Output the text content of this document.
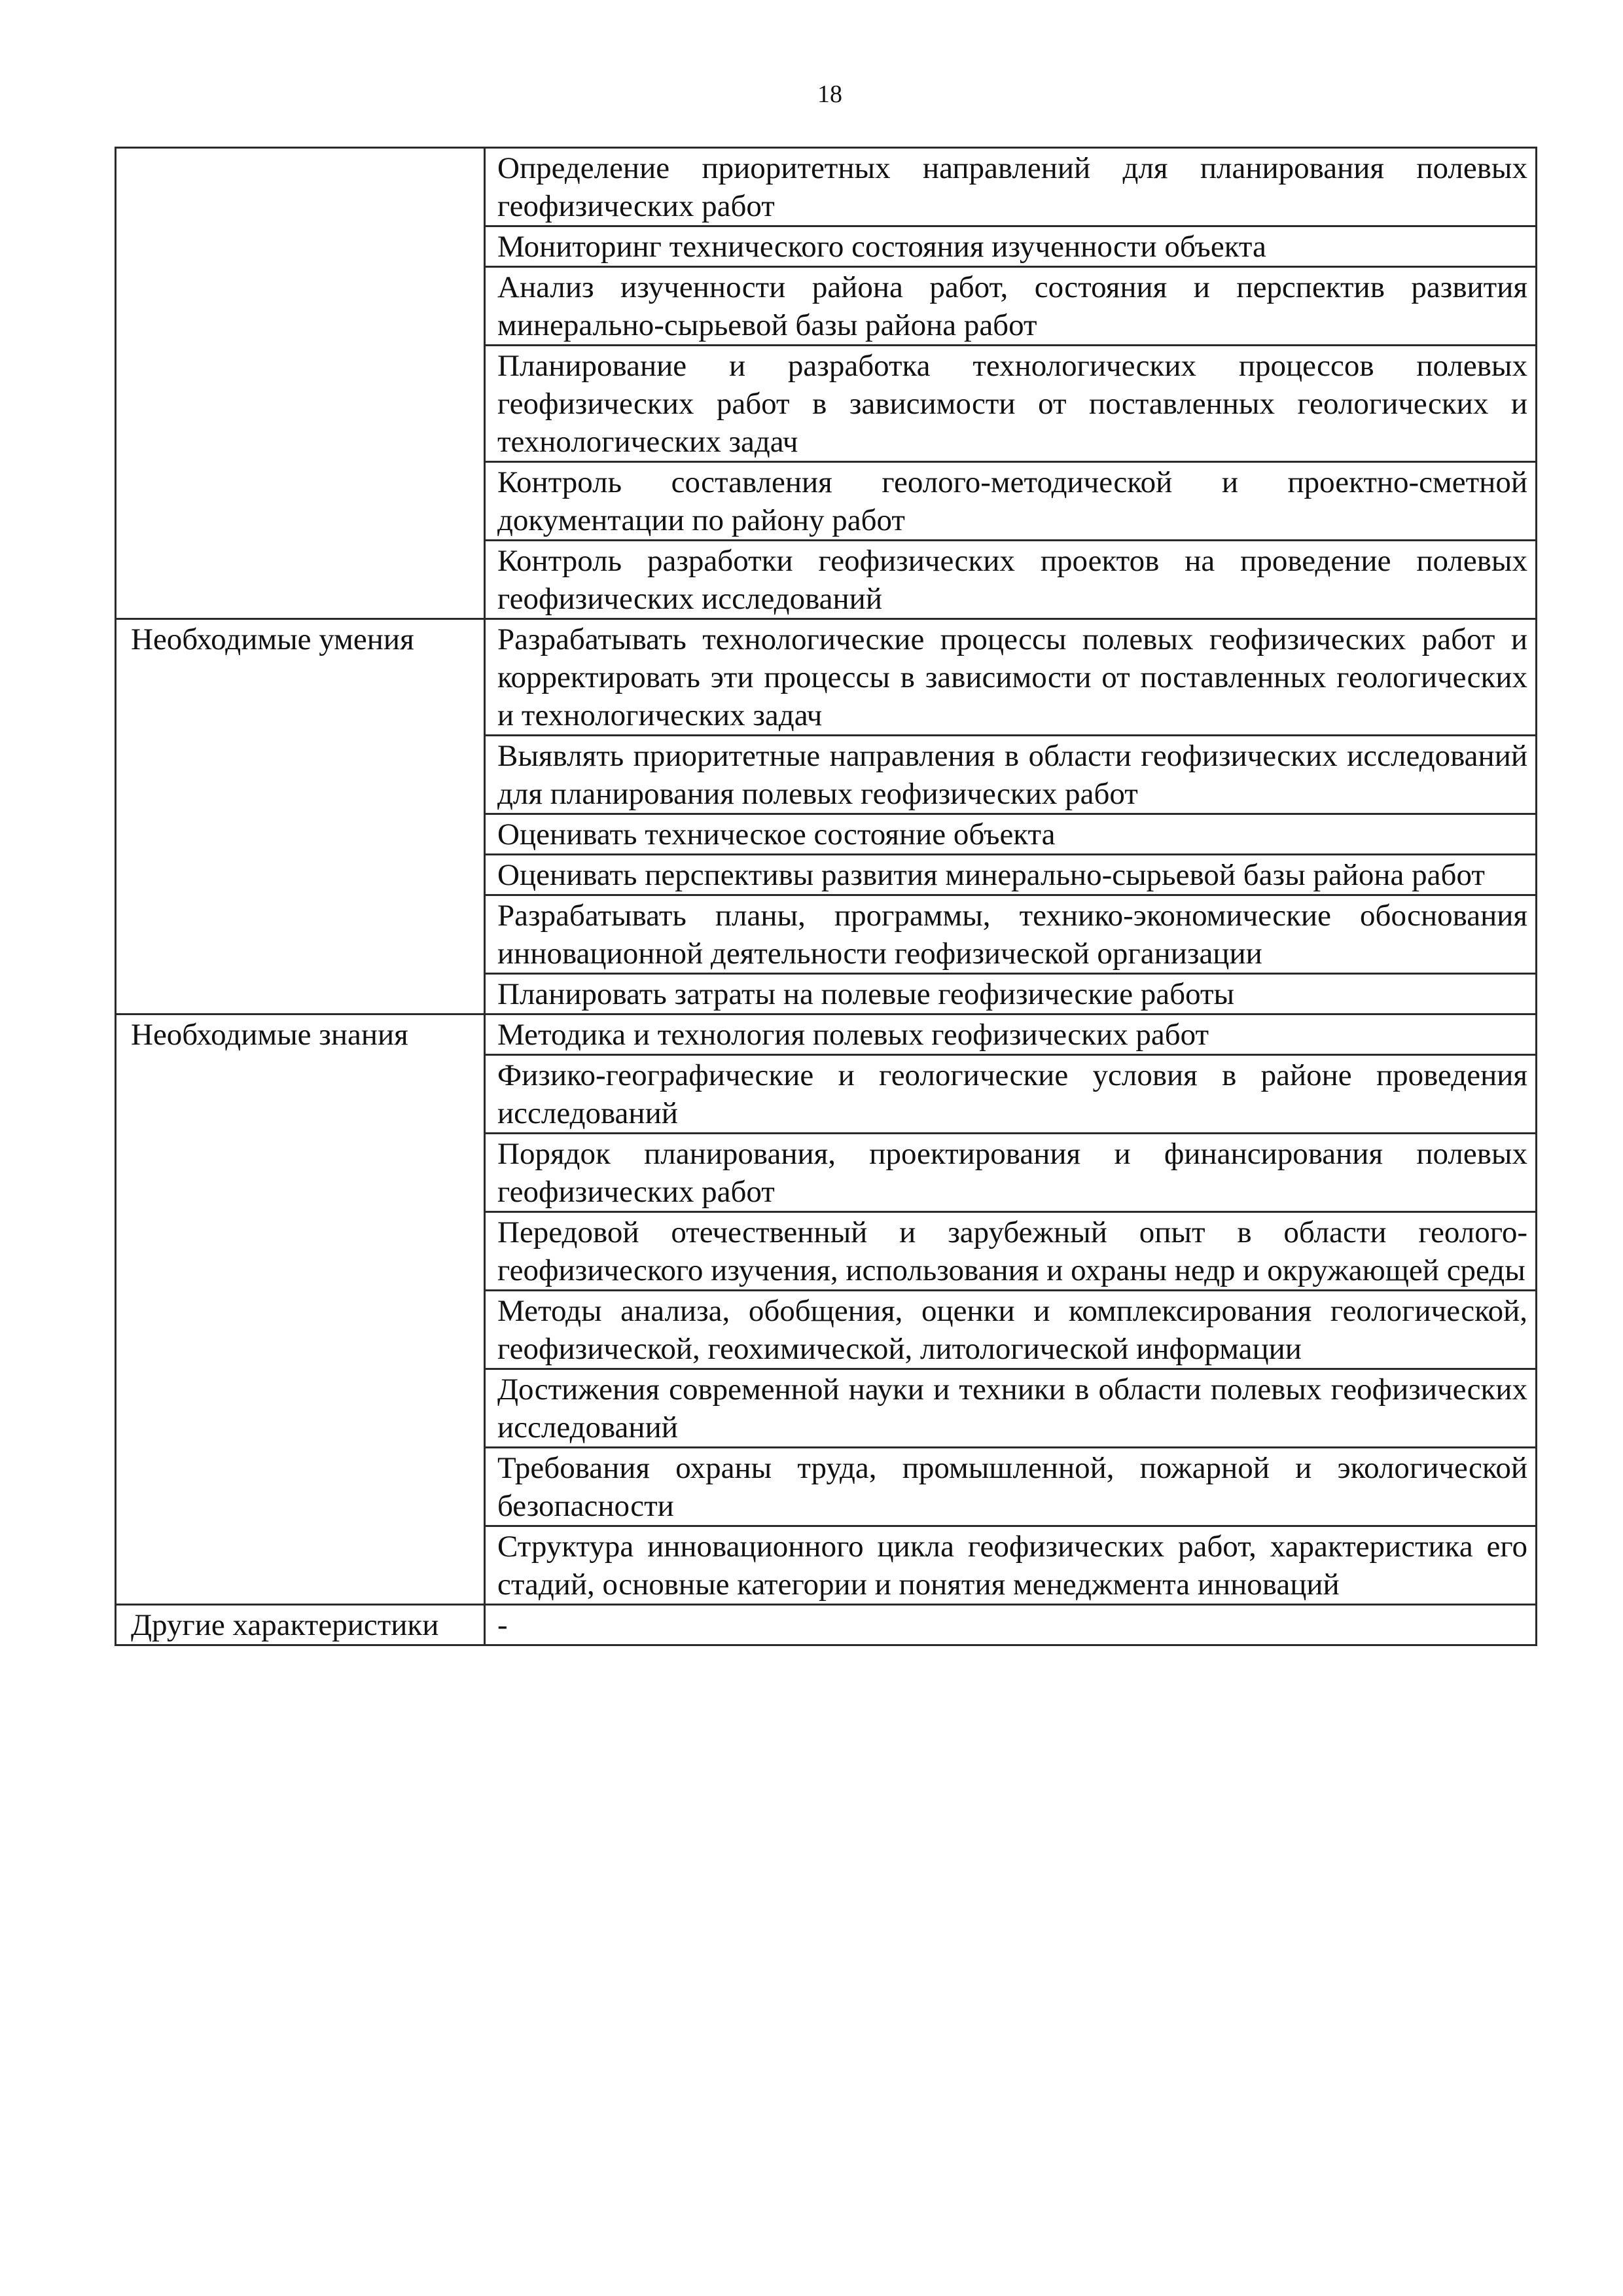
18
	Определение приоритетных направлений для планирования полевых геофизических работ
	Мониторинг технического состояния изученности объекта
	Анализ изученности района работ, состояния и перспектив развития минерально-сырьевой базы района работ
	Планирование и разработка технологических процессов полевых геофизических работ в зависимости от поставленных геологических и технологических задач
	Контроль составления геолого-методической и проектно-сметной документации по району работ
	Контроль разработки геофизических проектов на проведение полевых геофизических исследований
Необходимые умения	Разрабатывать технологические процессы полевых геофизических работ и корректировать эти процессы в зависимости от поставленных геологических и технологических задач
	Выявлять приоритетные направления в области геофизических исследований для планирования полевых геофизических работ
	Оценивать техническое состояние объекта
	Оценивать перспективы развития минерально-сырьевой базы района работ
	Разрабатывать планы, программы, технико-экономические обоснования инновационной деятельности геофизической организации
	Планировать затраты на полевые геофизические работы
Необходимые знания	Методика и технология полевых геофизических работ
	Физико-географические и геологические условия в районе проведения исследований
	Порядок планирования, проектирования и финансирования полевых геофизических работ
	Передовой отечественный и зарубежный опыт в области геолого-геофизического изучения, использования и охраны недр и окружающей среды
	Методы анализа, обобщения, оценки и комплексирования геологической, геофизической, геохимической, литологической информации
	Достижения современной науки и техники в области полевых геофизических исследований
	Требования охраны труда, промышленной, пожарной и экологической безопасности
	Структура инновационного цикла геофизических работ, характеристика его стадий, основные категории и понятия менеджмента инноваций
Другие характеристики	-
